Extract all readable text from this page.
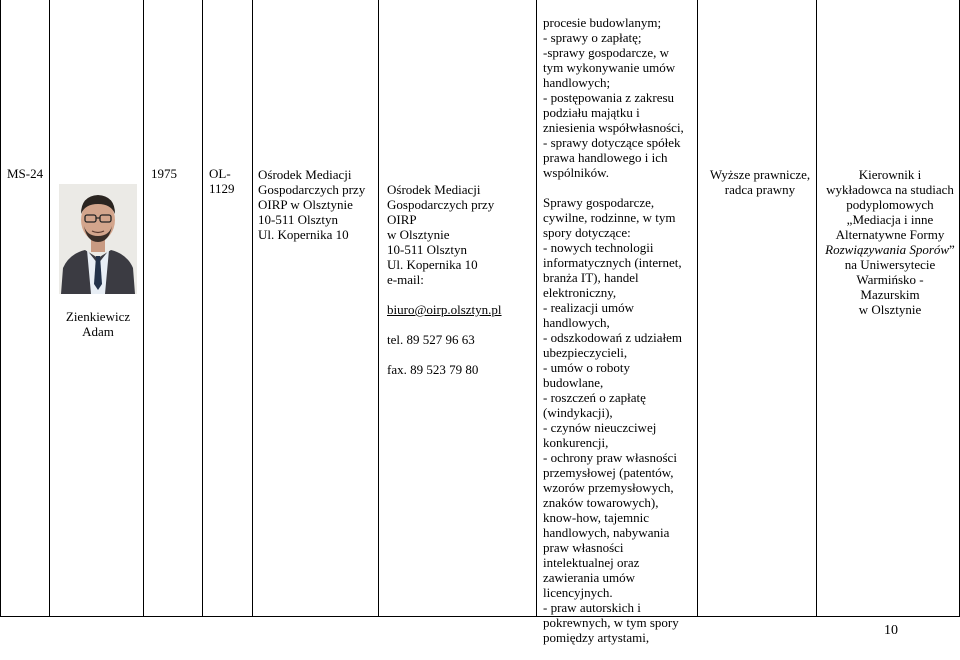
MS-24
Zienkiewicz Adam
1975 OL-1129
Ośrodek Mediacji
Gospodarczych przy
OIRP w Olsztynie
10-511 Olsztyn
Ul. Kopernika 10

Ośrodek Mediacji
Gospodarczych przy OIRP
w Olsztynie
10-511 Olsztyn
Ul. Kopernika 10
e-mail:

biuro@oirp.olsztyn.pl

tel. 89 527 96 63

fax. 89 523 79 80

procesie budowlanym;
- sprawy o zapłatę;
-sprawy gospodarcze, w
tym wykonywanie umów
handlowych;
- postępowania z zakresu
podziału majątku i
zniesienia współwłasności,
- sprawy dotyczące spółek
prawa handlowego i ich
wspólników.

Sprawy gospodarcze,
cywilne, rodzinne, w tym
spory dotyczące:
- nowych technologii
informatycznych (internet,
branża IT), handel
elektroniczny,
- realizacji umów
handlowych,
- odszkodowań z udziałem
ubezpieczycieli,
- umów o roboty
budowlane,
- roszczeń o zapłatę
(windykacji),
- czynów nieuczciwej
konkurencji,
- ochrony praw własności
przemysłowej (patentów,
wzorów przemysłowych,
znaków towarowych),
know-how, tajemnic
handlowych, nabywania
praw własności
intelektualnej oraz
zawierania umów
licencyjnych.
- praw autorskich i
pokrewnych, w tym spory
pomiędzy artystami,

Wyższe prawnicze, radca prawny
Kierownik i
wykładowca na studiach
podyplomowych
„Mediacja i inne
Alternatywne Formy
Rozwiązywania Sporów”
na Uniwersytecie
Warmińsko -
Mazurskim
w Olsztynie
10
